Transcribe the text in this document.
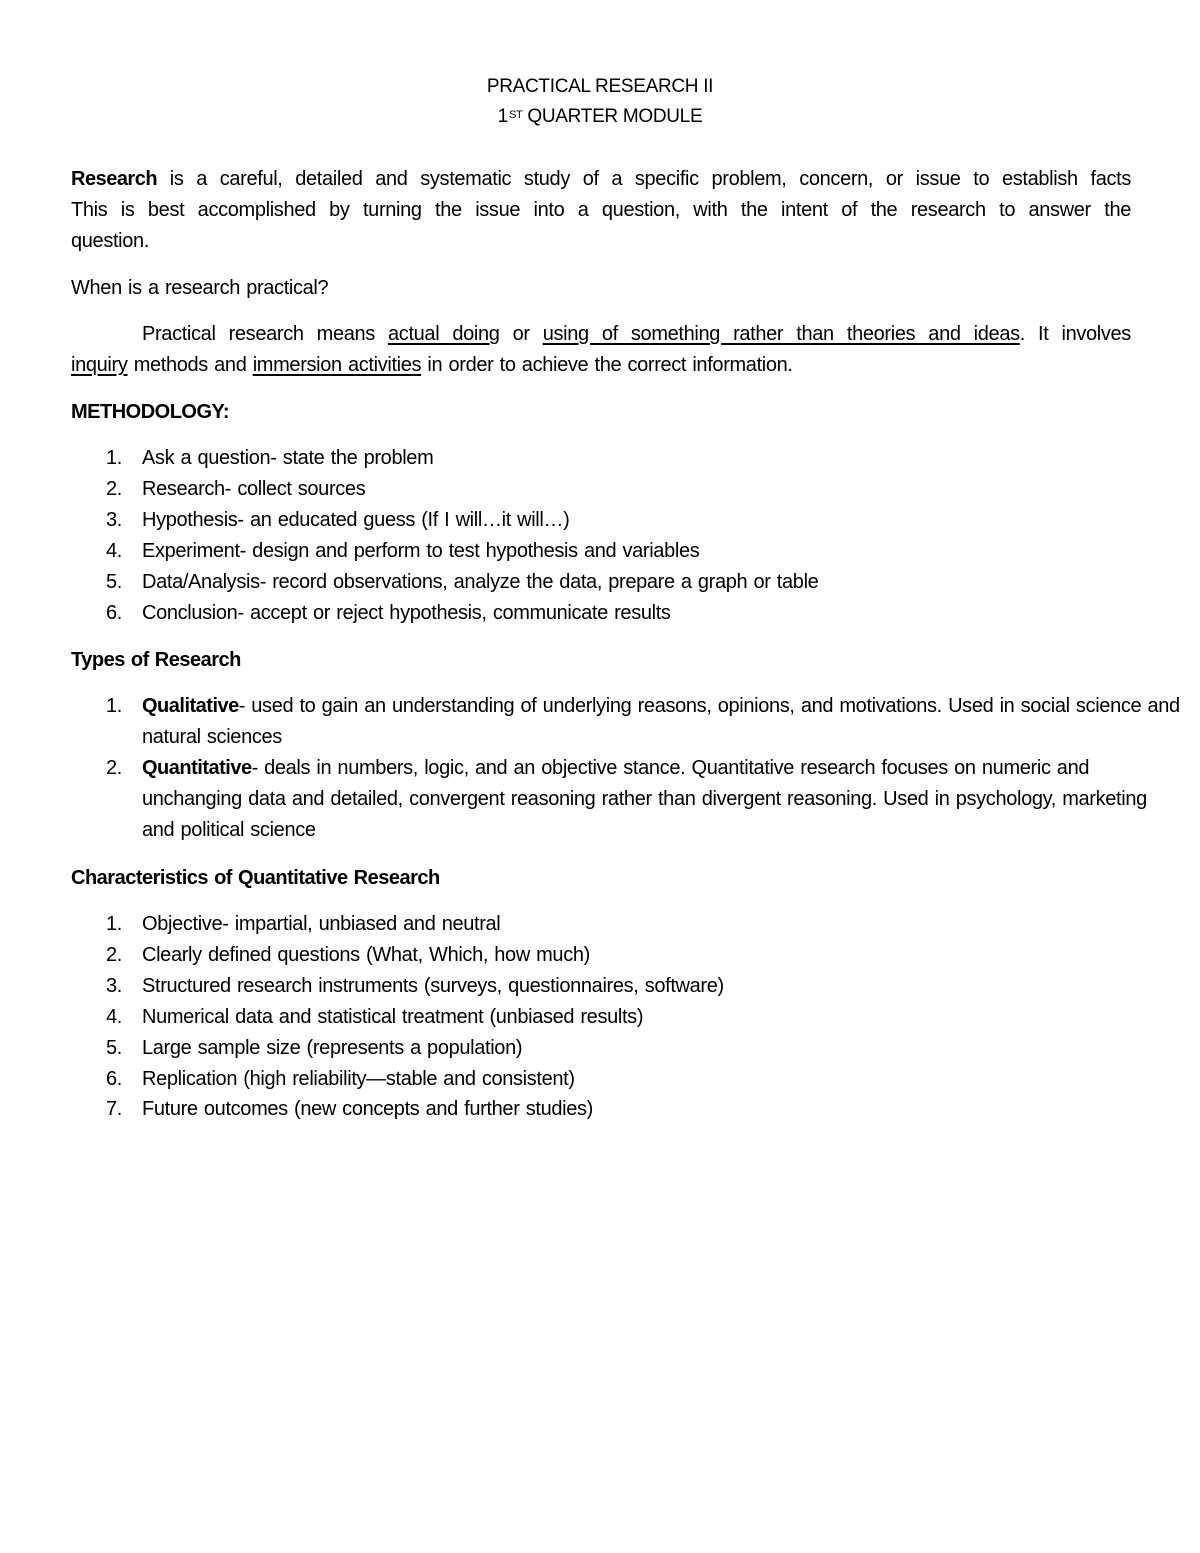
PRACTICAL RESEARCH II
1ST QUARTER MODULE
Research is a careful, detailed and systematic study of a specific problem, concern, or issue to establish facts
This is best accomplished by turning the issue into a question, with the intent of the research to answer the
question.
When is a research practical?
Practical research means actual doing or using of something rather than theories and ideas. It involves
inquiry methods and immersion activities in order to achieve the correct information.
METHODOLOGY:
1.	Ask a question- state the problem
2.	Research- collect sources
3.	Hypothesis- an educated guess (If I will…it will…)
4.	Experiment- design and perform to test hypothesis and variables
5.	Data/Analysis- record observations, analyze the data, prepare a graph or table
6.	Conclusion- accept or reject hypothesis, communicate results
Types of Research
1.	Qualitative- used to gain an understanding of underlying reasons, opinions, and motivations. Used in social science and natural sciences
2.	Quantitative- deals in numbers, logic, and an objective stance. Quantitative research focuses on numeric and unchanging data and detailed, convergent reasoning rather than divergent reasoning. Used in psychology, marketing and political science
Characteristics of Quantitative Research
1.	Objective- impartial, unbiased and neutral
2.	Clearly defined questions (What, Which, how much)
3.	Structured research instruments (surveys, questionnaires, software)
4.	Numerical data and statistical treatment (unbiased results)
5.	Large sample size (represents a population)
6.	Replication (high reliability—stable and consistent)
7.	Future outcomes (new concepts and further studies)
